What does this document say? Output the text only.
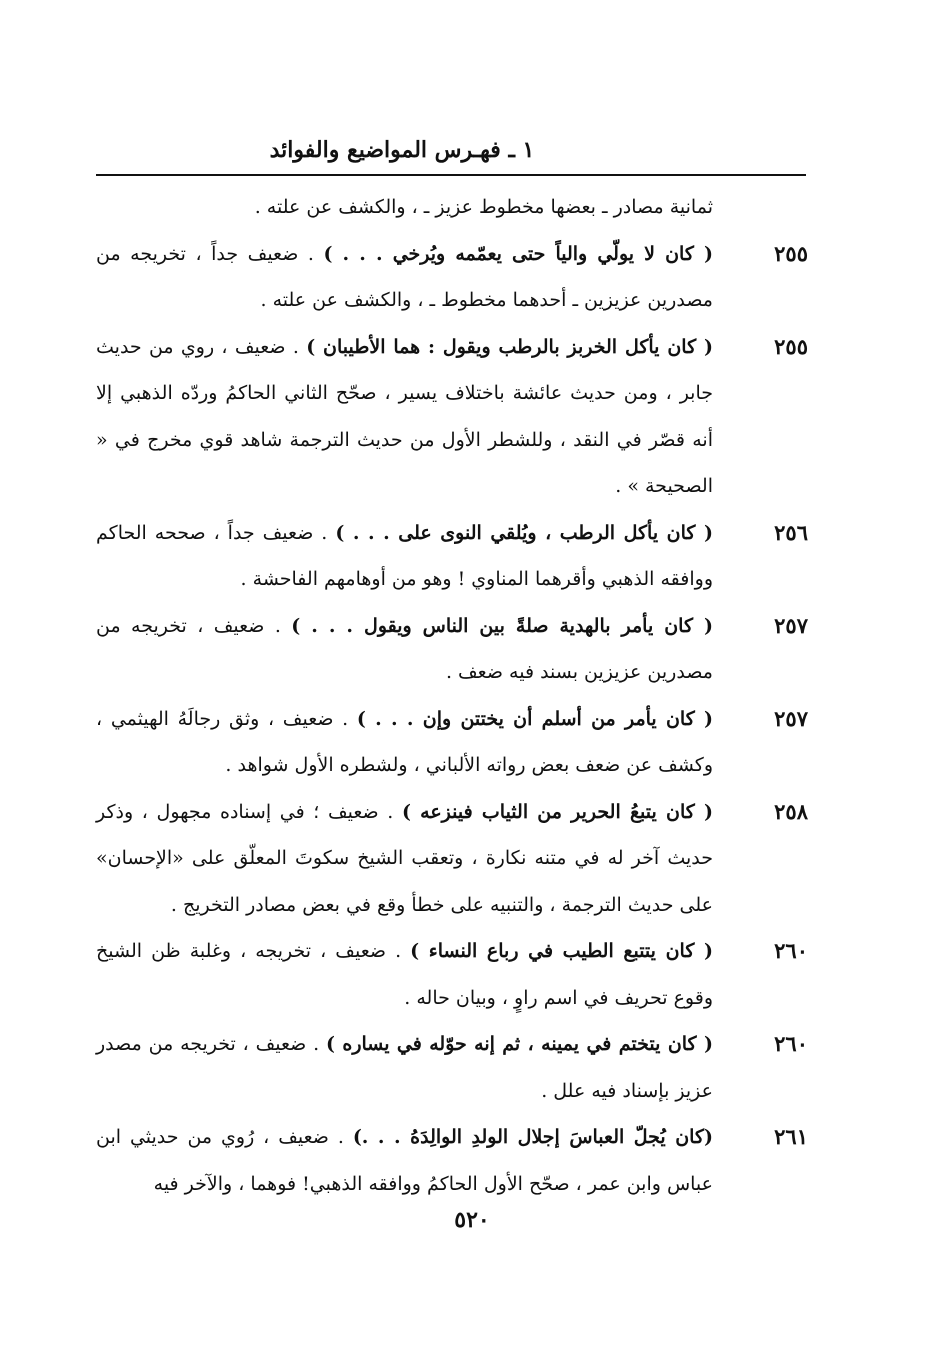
١ ـ فهـرس المواضيع والفوائد
ثمانية مصادر ـ بعضها مخطوط عزيز ـ ، والكشف عن علته .
٢٥٥
( كان لا يولّي والياً حتى يعمّمه ويُرخي . . . ) . ضعيف جداً ، تخريجه من مصدرين عزيزين ـ أحدهما مخطوط ـ ، والكشف عن علته .
٢٥٥
( كان يأكل الخربز بالرطب ويقول : هما الأطيبان ) . ضعيف ، روي من حديث جابر ، ومن حديث عائشة باختلاف يسير ، صحّح الثاني الحاكمُ وردّه الذهبي إلا أنه قصّر في النقد ، وللشطر الأول من حديث الترجمة شاهد قوي مخرج في « الصحيحة » .
٢٥٦
( كان يأكل الرطب ، ويُلقي النوى على . . . ) . ضعيف جداً ، صححه الحاكم ووافقه الذهبي وأقرهما المناوي ! وهو من أوهامهم الفاحشة .
٢٥٧
( كان يأمر بالهدية صلةً بين الناس ويقول . . . ) . ضعيف ، تخريجه من مصدرين عزيزين بسند فيه ضعف .
٢٥٧
( كان يأمر من أسلم أن يختتن وإن . . . ) . ضعيف ، وثق رجالَهُ الهيثمي ، وكشف عن ضعف بعض رواته الألباني ، ولشطره الأول شواهد .
٢٥٨
( كان يتبعُ الحرير من الثياب فينزعه ) . ضعيف ؛ في إسناده مجهول ، وذكر حديث آخر له في متنه نكارة ، وتعقب الشيخ سكوتَ المعلّق على «الإحسان» على حديث الترجمة ، والتنبيه على خطأ وقع في بعض مصادر التخريج .
٢٦٠
( كان يتتبع الطيب في رباع النساء ) . ضعيف ، تخريجه ، وغلبة ظن الشيخ وقوع تحريف في اسم راوٍ ، وبيان حاله .
٢٦٠
( كان يتختم في يمينه ، ثم إنه حوّله في يساره ) . ضعيف ، تخريجه من مصدر عزيز بإسناد فيه علل .
٢٦١
(كان يُجلّ العباسَ إجلال الولدِ الوالِدَهُ . . .) . ضعيف ، رُوي من حديثي ابن عباس وابن عمر ، صحّح الأول الحاكمُ ووافقه الذهبي! فوهما ، والآخر فيه
٥٢٠
